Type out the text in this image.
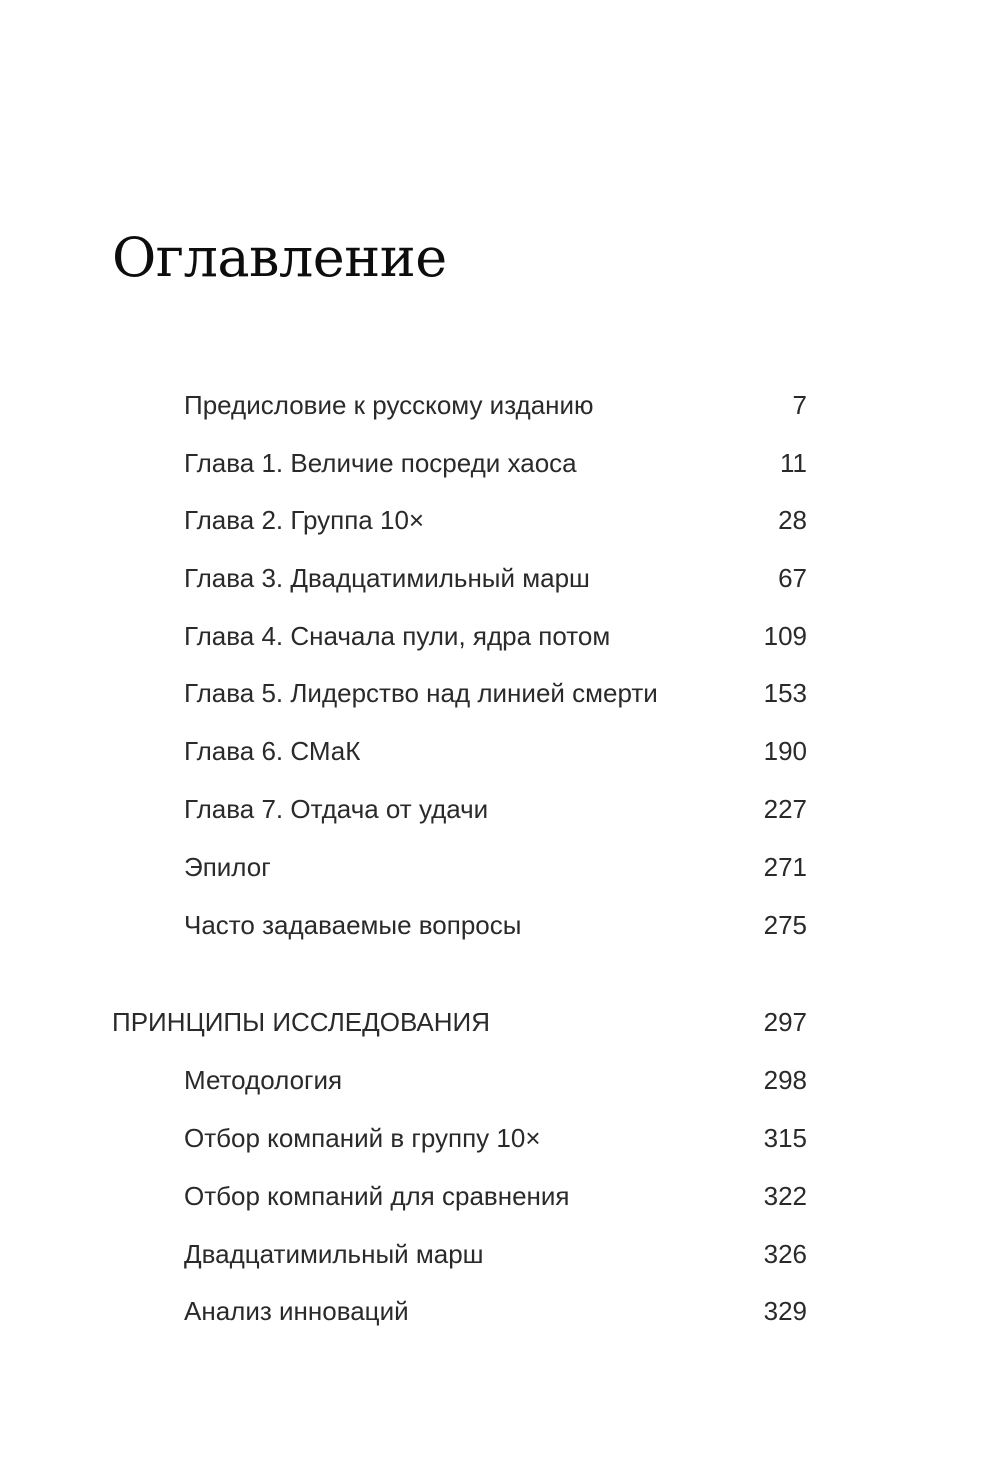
Оглавление
Предисловие к русскому изданию	7
Глава 1. Величие посреди хаоса	11
Глава 2. Группа 10×	28
Глава 3. Двадцатимильный марш	67
Глава 4. Сначала пули, ядра потом	109
Глава 5. Лидерство над линией смерти	153
Глава 6. СМаК	190
Глава 7. Отдача от удачи	227
Эпилог	271
Часто задаваемые вопросы	275
ПРИНЦИПЫ ИССЛЕДОВАНИЯ	297
Методология	298
Отбор компаний в группу 10×	315
Отбор компаний для сравнения	322
Двадцатимильный марш	326
Анализ инноваций	329
